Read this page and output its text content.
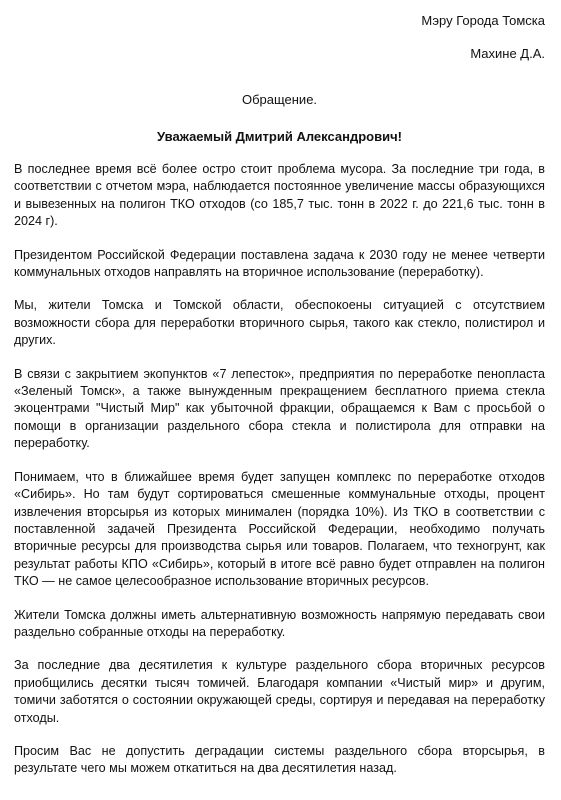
Мэру Города Томска

Махине Д.А.

Обращение.

Уважаемый Дмитрий Александрович!

В последнее время всё более остро стоит проблема мусора. За последние три года, в соответствии с отчетом мэра, наблюдается постоянное увеличение массы образующихся и вывезенных на полигон ТКО отходов (со 185,7 тыс. тонн в 2022 г. до 221,6 тыс. тонн в 2024 г).

Президентом Российской Федерации поставлена задача к 2030 году не менее четверти коммунальных отходов направлять на вторичное использование (переработку).

Мы, жители Томска и Томской области, обеспокоены ситуацией с отсутствием возможности сбора для переработки вторичного сырья, такого как стекло, полистирол и других.

В связи с закрытием экопунктов «7 лепесток», предприятия по переработке пенопласта «Зеленый Томск», а также вынужденным прекращением бесплатного приема стекла экоцентрами "Чистый Мир" как убыточной фракции, обращаемся к Вам с просьбой о помощи в организации раздельного сбора стекла и полистирола для отправки на переработку.

Понимаем, что в ближайшее время будет запущен комплекс по переработке отходов «Сибирь». Но там будут сортироваться смешенные коммунальные отходы, процент извлечения вторсырья из которых минимален (порядка 10%). Из ТКО в соответствии с поставленной задачей Президента Российской Федерации, необходимо получать вторичные ресурсы для производства сырья или товаров. Полагаем, что техногрунт, как результат работы КПО «Сибирь», который в итоге всё равно будет отправлен на полигон ТКО — не самое целесообразное использование вторичных ресурсов.

Жители Томска должны иметь альтернативную возможность напрямую передавать свои раздельно собранные отходы на переработку.

За последние два десятилетия к культуре раздельного сбора вторичных ресурсов приобщились десятки тысяч томичей. Благодаря компании «Чистый мир» и другим, томичи заботятся о состоянии окружающей среды, сортируя и передавая на переработку отходы.

Просим Вас не допустить деградации системы раздельного сбора вторсырья, в результате чего мы можем откатиться на два десятилетия назад.
